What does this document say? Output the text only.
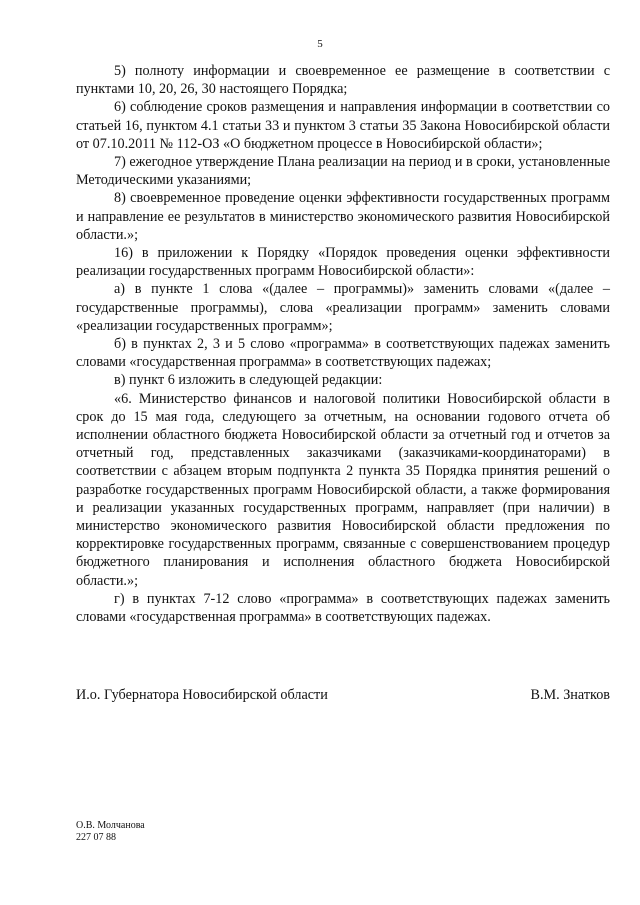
5

5) полноту информации и своевременное ее размещение в соответствии с пунктами 10, 20, 26, 30 настоящего Порядка;

6) соблюдение сроков размещения и направления информации в соответствии со статьей 16, пунктом 4.1 статьи 33 и пунктом 3 статьи 35 Закона Новосибирской области от 07.10.2011 № 112-ОЗ «О бюджетном процессе в Новосибирской области»;

7) ежегодное утверждение Плана реализации на период и в сроки, установленные Методическими указаниями;

8) своевременное проведение оценки эффективности государственных программ и направление ее результатов в министерство экономического развития Новосибирской области.»;

16) в приложении к Порядку «Порядок проведения оценки эффективности реализации государственных программ Новосибирской области»:

а) в пункте 1 слова «(далее – программы)» заменить словами «(далее – государственные программы), слова «реализации программ» заменить словами «реализации государственных программ»;

б) в пунктах 2, 3 и 5 слово «программа» в соответствующих падежах заменить словами «государственная программа» в соответствующих падежах;

в) пункт 6 изложить в следующей редакции:

«6. Министерство финансов и налоговой политики Новосибирской области в срок до 15 мая года, следующего за отчетным, на основании годового отчета об исполнении областного бюджета Новосибирской области за отчетный год и отчетов за отчетный год, представленных заказчиками (заказчиками-координаторами) в соответствии с абзацем вторым подпункта 2 пункта 35 Порядка принятия решений о разработке государственных программ Новосибирской области, а также формирования и реализации указанных государственных программ, направляет (при наличии) в министерство экономического развития Новосибирской области предложения по корректировке государственных программ, связанные с совершенствованием процедур бюджетного планирования и исполнения областного бюджета Новосибирской области.»;

г) в пунктах 7-12 слово «программа» в соответствующих падежах заменить словами «государственная программа» в соответствующих падежах.

И.о. Губернатора Новосибирской области	В.М. Знатков
О.В. Молчанова
227 07 88
